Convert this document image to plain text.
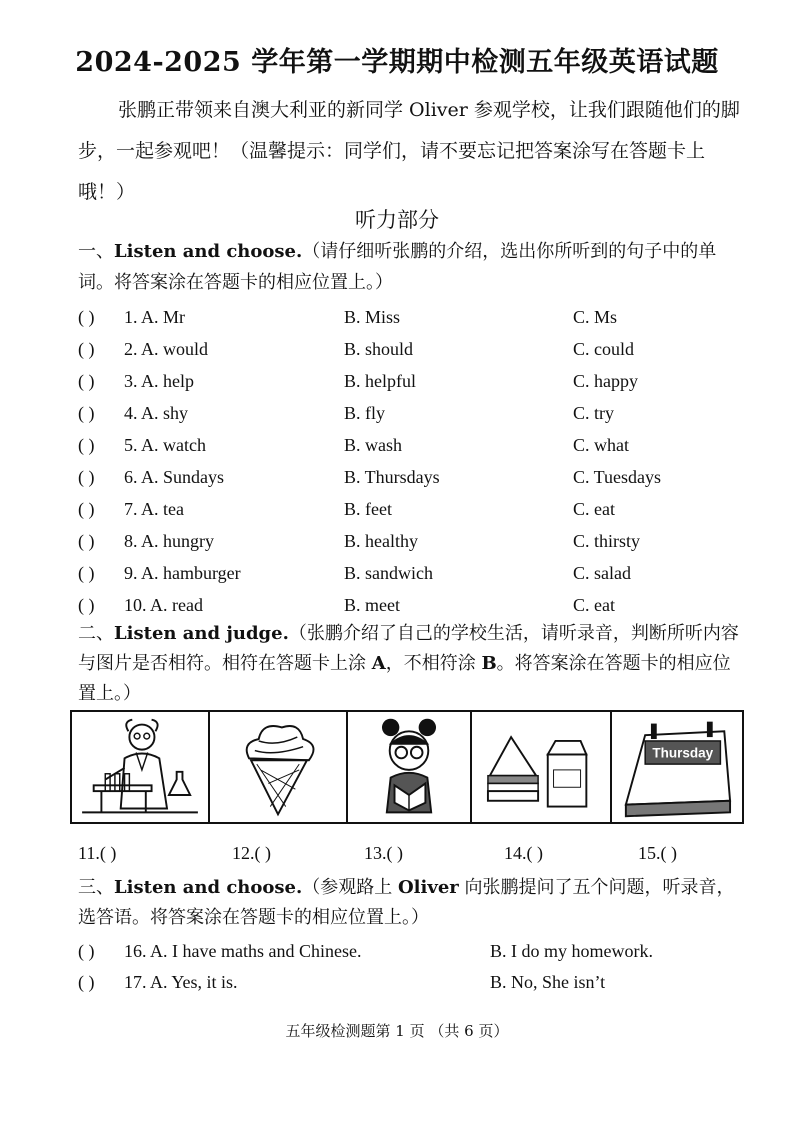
2024-2025 学年第一学期期中检测五年级英语试题
张鹏正带领来自澳大利亚的新同学 Oliver 参观学校，让我们跟随他们的脚步，一起参观吧！（温馨提示：同学们，请不要忘记把答案涂写在答题卡上哦！）
听力部分
一、Listen and choose.（请仔细听张鹏的介绍，选出你所听到的句子中的单词。将答案涂在答题卡的相应位置上。）
( ) 1. A. Mr	B. Miss	C. Ms
( ) 2. A. would	B. should	C. could
( ) 3. A. help	B. helpful	C. happy
( ) 4. A. shy	B. fly	C. try
( ) 5. A. watch	B. wash	C. what
( ) 6. A. Sundays	B. Thursdays	C. Tuesdays
( ) 7. A. tea	B. feet	C. eat
( ) 8. A. hungry	B. healthy	C. thirsty
( ) 9. A. hamburger	B. sandwich	C. salad
( ) 10. A. read	B. meet	C. eat
二、Listen and judge.（张鹏介绍了自己的学校生活，请听录音，判断所听内容与图片是否相符。相符在答题卡上涂 A，不相符涂 B。将答案涂在答题卡的相应位置上。）
Thursday
11.( )	12.( )	13.( )	14.( )	15.( )
三、Listen and choose.（参观路上 Oliver 向张鹏提问了五个问题，听录音，选答语。将答案涂在答题卡的相应位置上。）
( ) 16. A. I have maths and Chinese.	B. I do my homework.
( ) 17. A. Yes, it is.	B. No, She isn’t
五年级检测题第 1 页 （共 6 页）
